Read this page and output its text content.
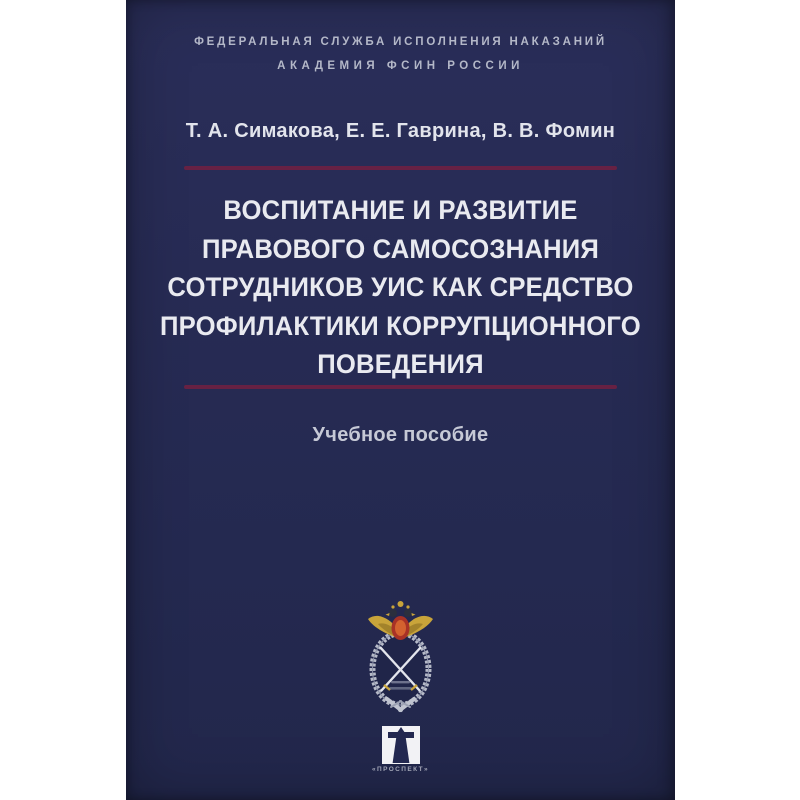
ФЕДЕРАЛЬНАЯ СЛУЖБА ИСПОЛНЕНИЯ НАКАЗАНИЙ
АКАДЕМИЯ ФСИН РОССИИ
Т. А. Симакова, Е. Е. Гаврина, В. В. Фомин
ВОСПИТАНИЕ И РАЗВИТИЕ
ПРАВОВОГО САМОСОЗНАНИЯ
СОТРУДНИКОВ УИС КАК СРЕДСТВО
ПРОФИЛАКТИКИ КОРРУПЦИОННОГО
ПОВЕДЕНИЯ
Учебное пособие
«ПРОСПЕКТ»
